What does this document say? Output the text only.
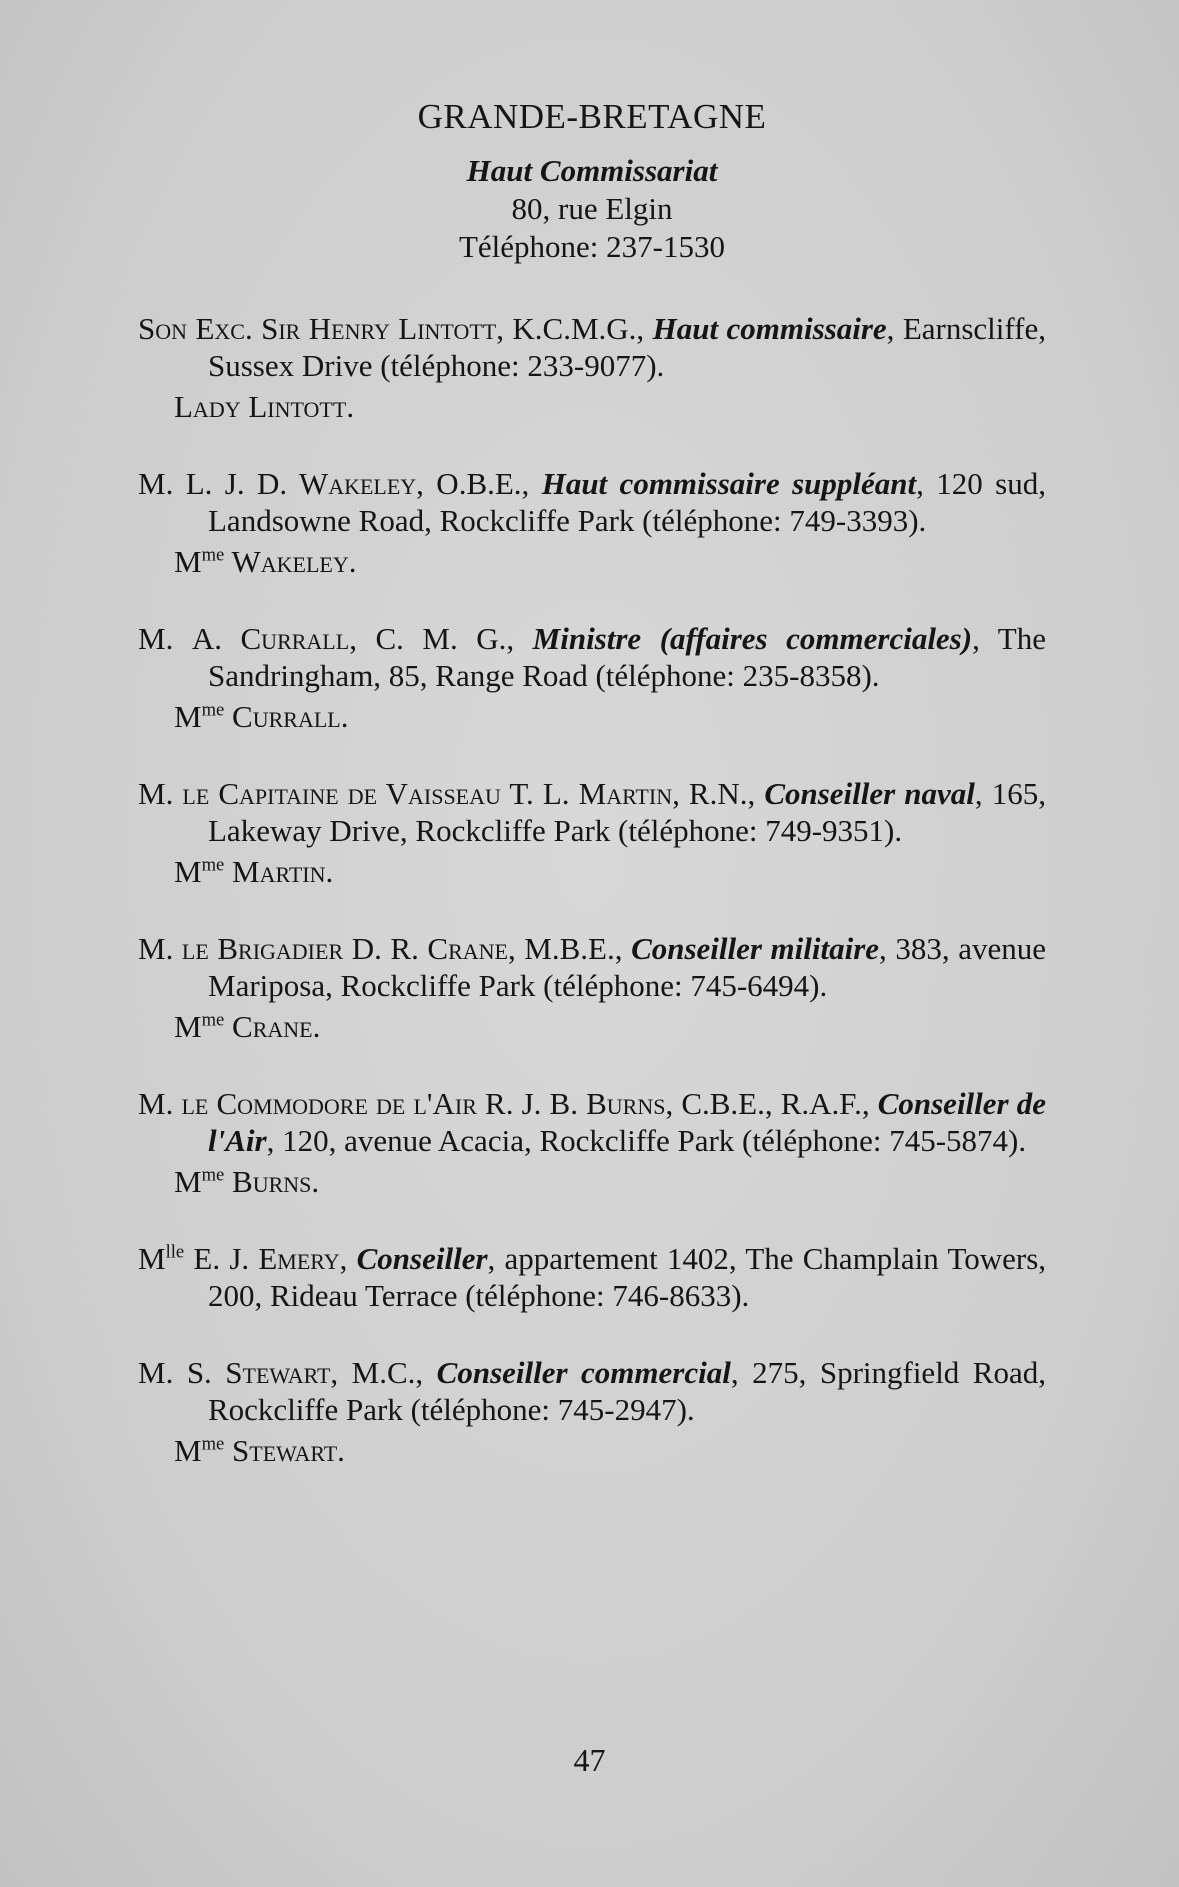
GRANDE-BRETAGNE
Haut Commissariat
80, rue Elgin
Téléphone: 237-1530
Son Exc. Sir Henry Lintott, K.C.M.G., Haut commissaire, Earnscliffe, Sussex Drive (téléphone: 233-9077).
Lady Lintott.
M. L. J. D. Wakeley, O.B.E., Haut commissaire suppléant, 120 sud, Landsowne Road, Rockcliffe Park (téléphone: 749-3393).
$M^{me}$ Wakeley.
M. A. Currall, C. M. G., Ministre (affaires commerciales), The Sandringham, 85, Range Road (téléphone: 235-8358).
$M^{me}$ Currall.
M. le Capitaine de Vaisseau T. L. Martin, R.N., Conseiller naval, 165, Lakeway Drive, Rockcliffe Park (téléphone: 749-9351).
$M^{me}$ Martin.
M. le Brigadier D. R. Crane, M.B.E., Conseiller militaire, 383, avenue Mariposa, Rockcliffe Park (téléphone: 745-6494).
$M^{me}$ Crane.
M. le Commodore de l'Air R. J. B. Burns, C.B.E., R.A.F., Conseiller de l'Air, 120, avenue Acacia, Rockcliffe Park (téléphone: 745-5874).
$M^{me}$ Burns.
$M^{lle}$ E. J. Emery, Conseiller, appartement 1402, The Champlain Towers, 200, Rideau Terrace (téléphone: 746-8633).
M. S. Stewart, M.C., Conseiller commercial, 275, Springfield Road, Rockcliffe Park (téléphone: 745-2947).
$M^{me}$ Stewart.
47
